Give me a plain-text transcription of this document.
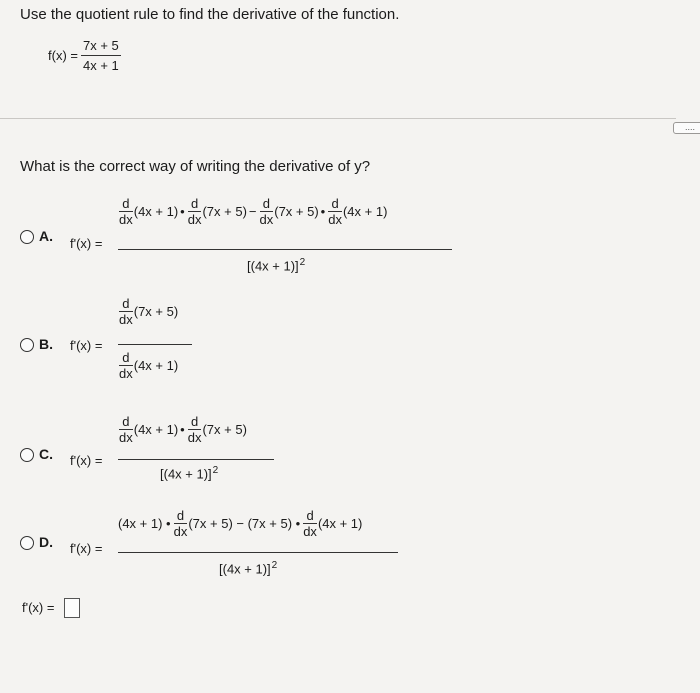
Use the quotient rule to find the derivative of the function.
$f(x) = \frac{7x + 5}{4x + 1}$
....
What is the correct way of writing the derivative of y?
A. f'(x) =
d
dx
(4x + 1) •
d
dx
(7x + 5) −
d
dx
(7x + 5) •
d
dx
(4x + 1)
$[(4x + 1)]^2$
B. f'(x) =
d
dx
(7x + 5)
d
dx
(4x + 1)
C. f'(x) =
d
dx
(4x + 1) •
d
dx
(7x + 5)
$[(4x + 1)]^2$
D. f'(x) =
(4x + 1) •
d
dx
(7x + 5) − (7x + 5) •
d
dx
(4x + 1)
$[(4x + 1)]^2$
f'(x) =
